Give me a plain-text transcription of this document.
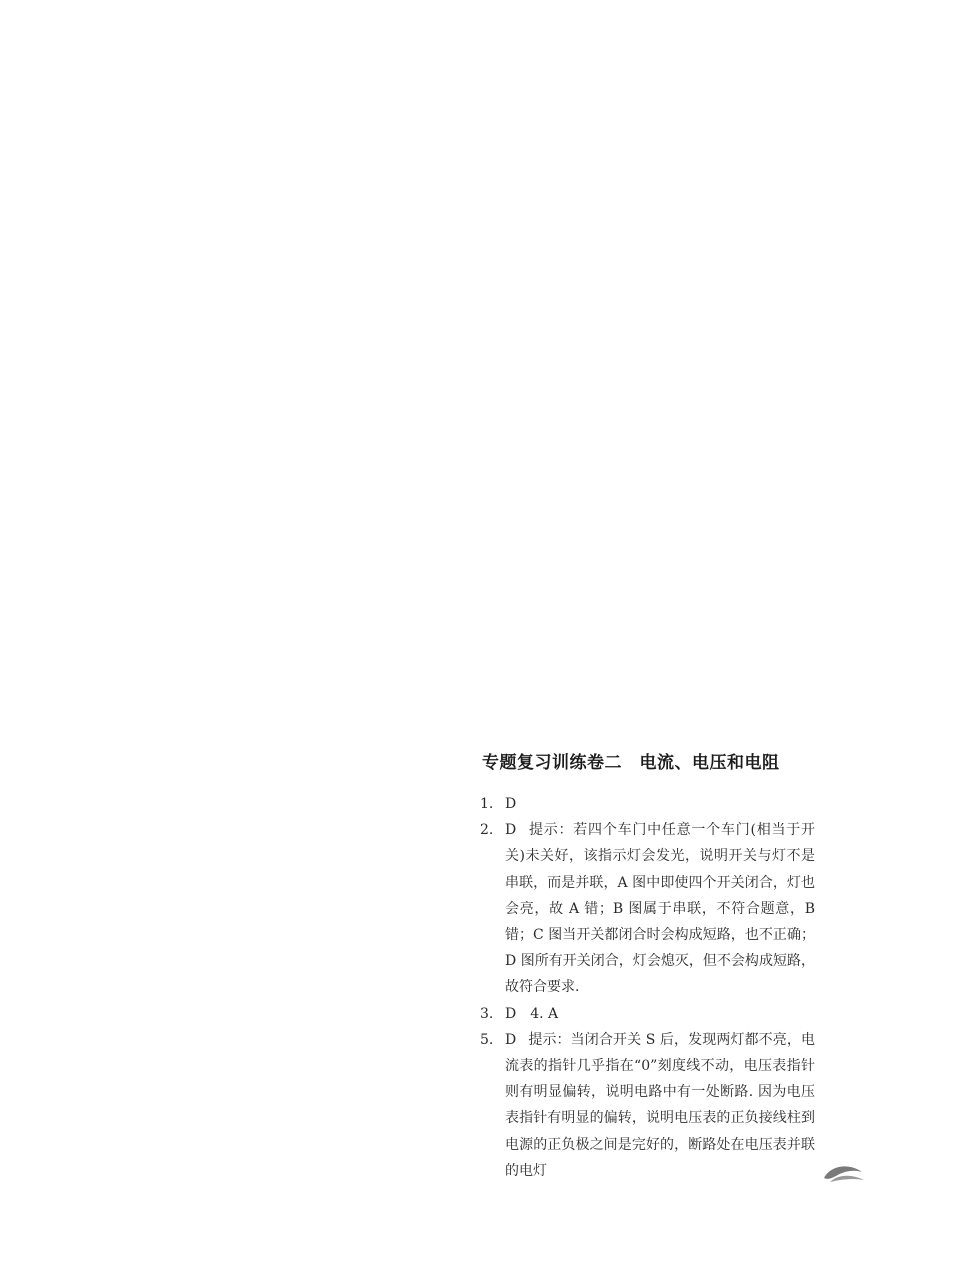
专题复习训练卷二　电流、电压和电阻
1. D
2. D 提示：若四个车门中任意一个车门(相当于开关)未关好，该指示灯会发光，说明开关与灯不是串联，而是并联，A 图中即使四个开关闭合，灯也会亮，故 A 错；B 图属于串联，不符合题意，B 错；C 图当开关都闭合时会构成短路，也不正确；D 图所有开关闭合，灯会熄灭，但不会构成短路，故符合要求.
3. D　4. A
5. D 提示：当闭合开关 S 后，发现两灯都不亮，电流表的指针几乎指在“0”刻度线不动，电压表指针则有明显偏转，说明电路中有一处断路. 因为电压表指针有明显的偏转，说明电压表的正负接线柱到电源的正负极之间是完好的，断路处在电压表并联的电灯
